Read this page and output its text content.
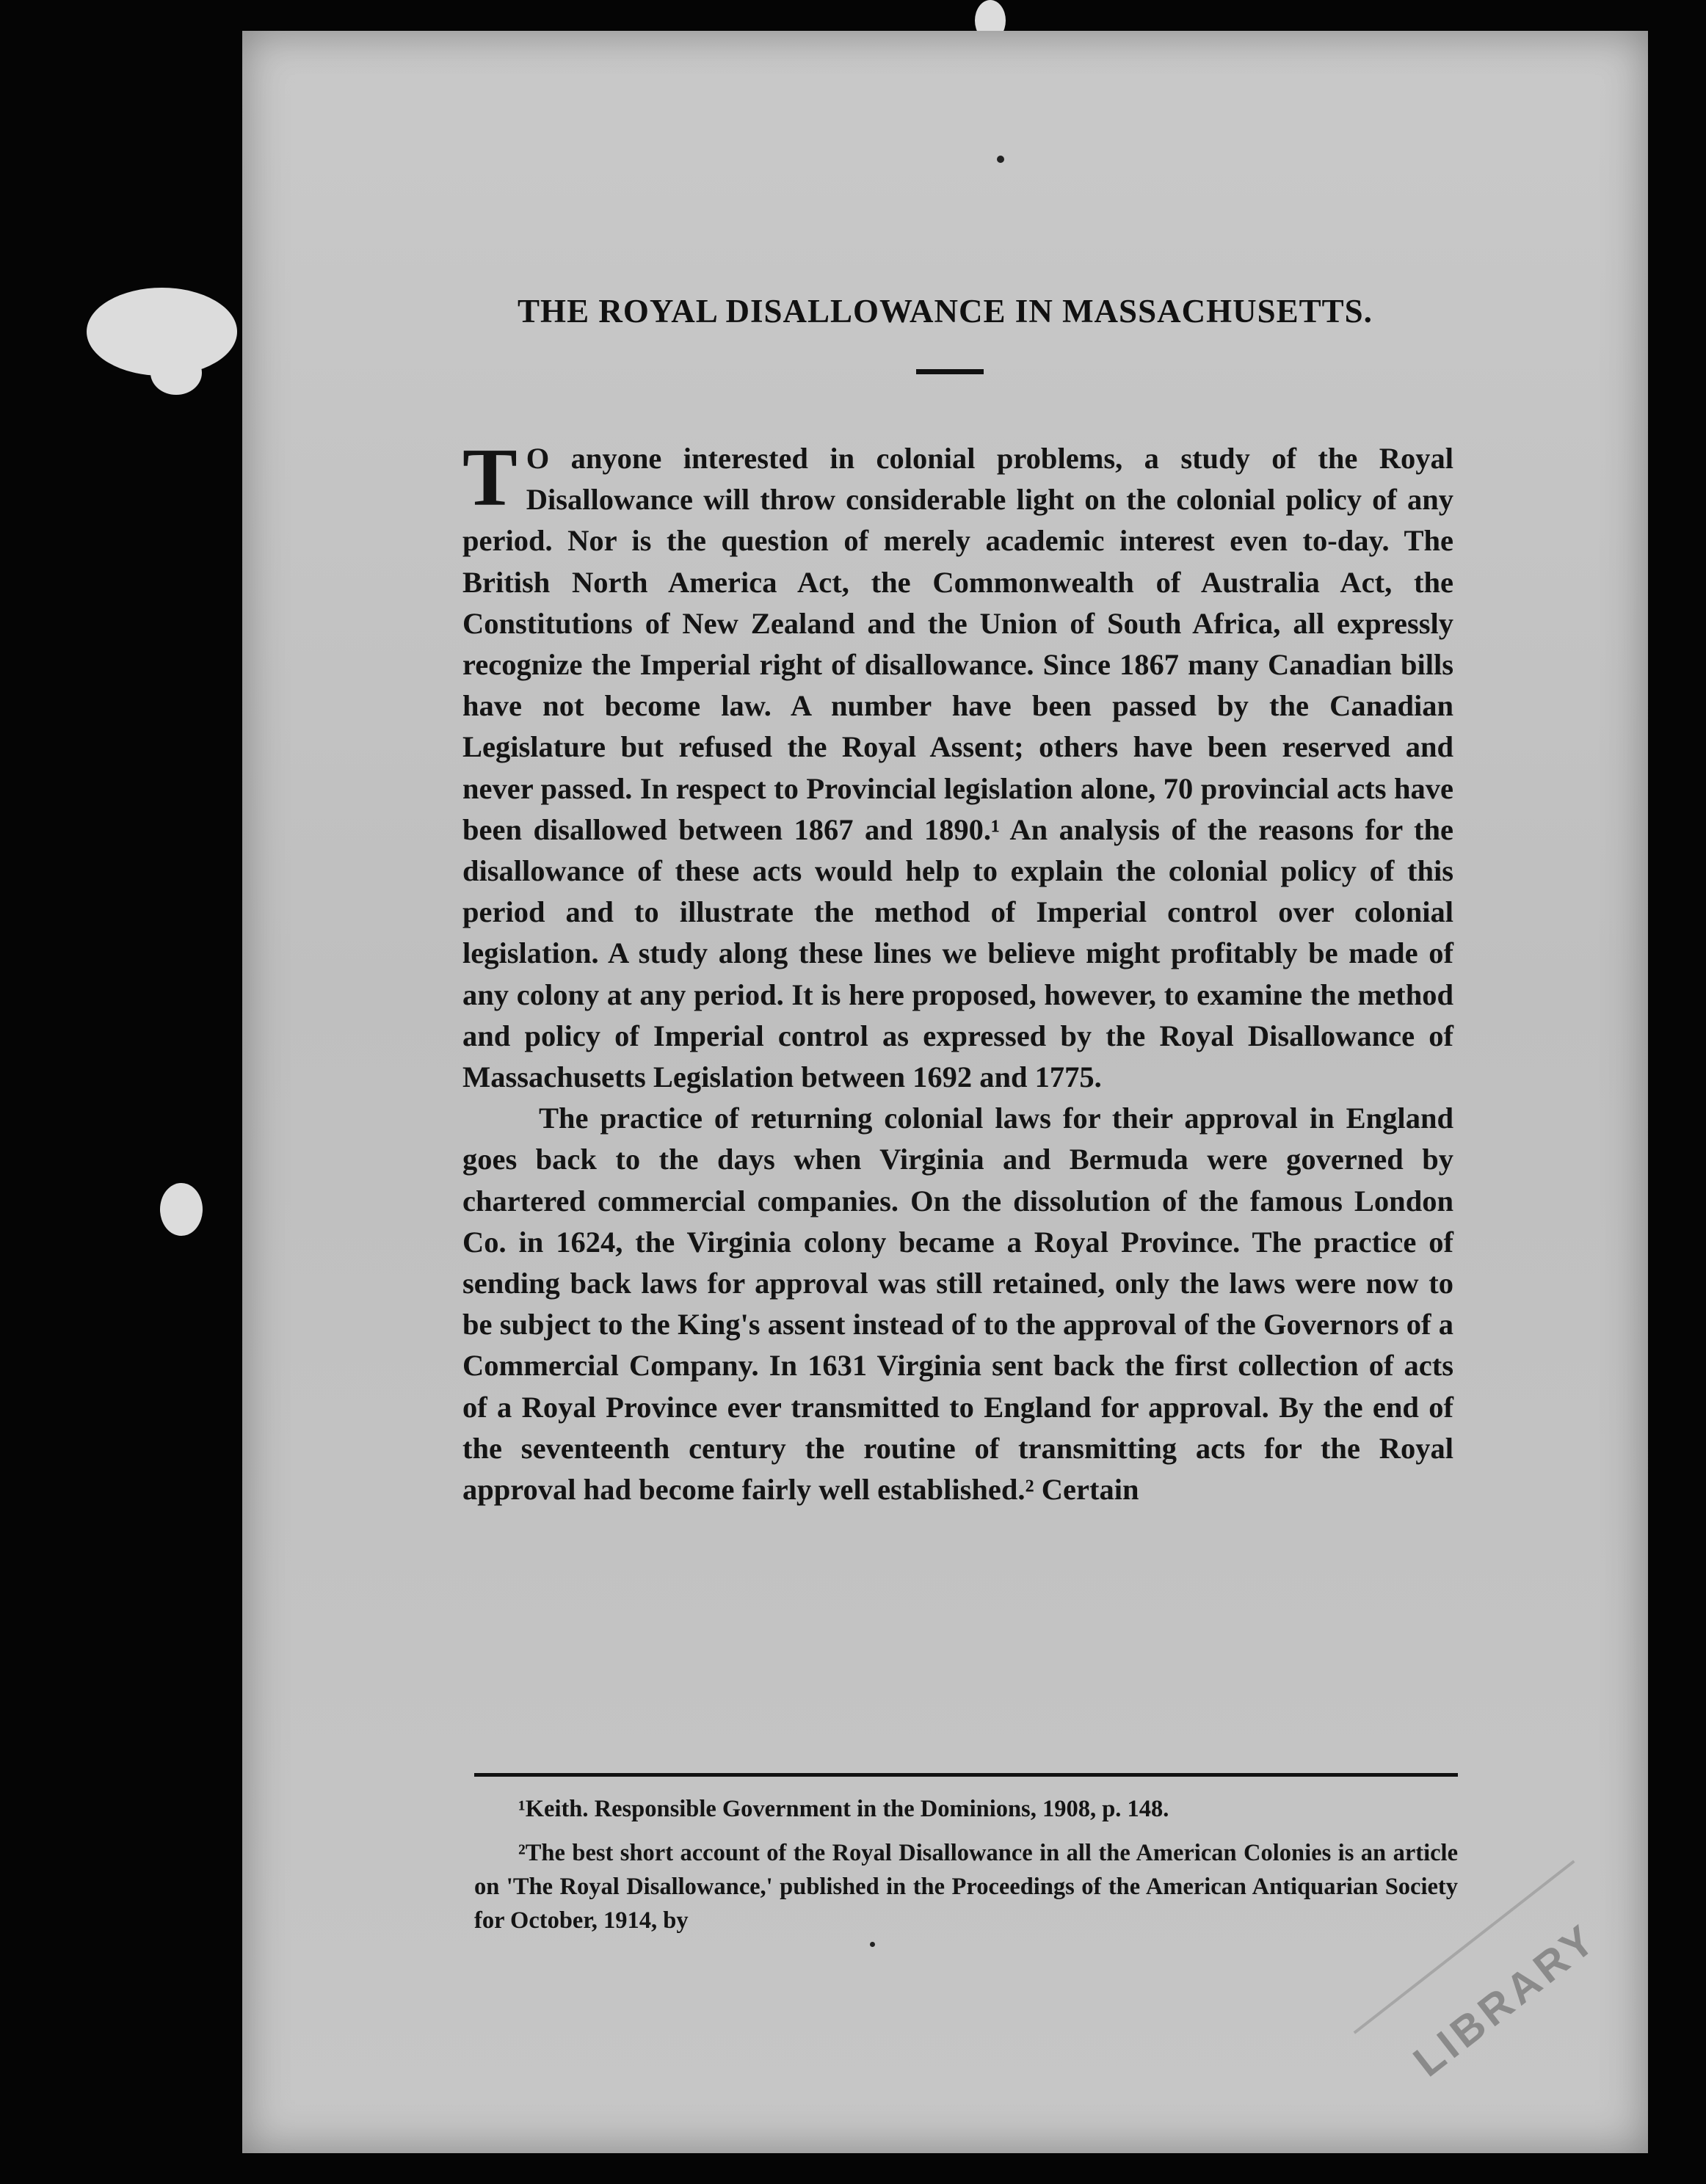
THE ROYAL DISALLOWANCE IN MASSACHUSETTS.

T O anyone interested in colonial problems, a study of the Royal Disallowance will throw considerable light on the colonial policy of any period. Nor is the question of merely academic interest even to-day. The British North America Act, the Commonwealth of Australia Act, the Constitutions of New Zealand and the Union of South Africa, all expressly recognize the Imperial right of disallowance. Since 1867 many Canadian bills have not become law. A number have been passed by the Canadian Legislature but refused the Royal Assent; others have been reserved and never passed. In respect to Provincial legislation alone, 70 provincial acts have been disallowed between 1867 and 1890.¹ An analysis of the reasons for the disallowance of these acts would help to explain the colonial policy of this period and to illustrate the method of Imperial control over colonial legislation. A study along these lines we believe might profitably be made of any colony at any period. It is here proposed, however, to examine the method and policy of Imperial control as expressed by the Royal Disallowance of Massachusetts Legislation between 1692 and 1775.

The practice of returning colonial laws for their approval in England goes back to the days when Virginia and Bermuda were governed by chartered commercial companies. On the dissolution of the famous London Co. in 1624, the Virginia colony became a Royal Province. The practice of sending back laws for approval was still retained, only the laws were now to be subject to the King's assent instead of to the approval of the Governors of a Commercial Company. In 1631 Virginia sent back the first collection of acts of a Royal Province ever transmitted to England for approval. By the end of the seventeenth century the routine of transmitting acts for the Royal approval had become fairly well established.² Certain

¹Keith. Responsible Government in the Dominions, 1908, p. 148.

²The best short account of the Royal Disallowance in all the American Colonies is an article on 'The Royal Disallowance,' published in the Proceedings of the American Antiquarian Society for October, 1914, by	LIBRARY
